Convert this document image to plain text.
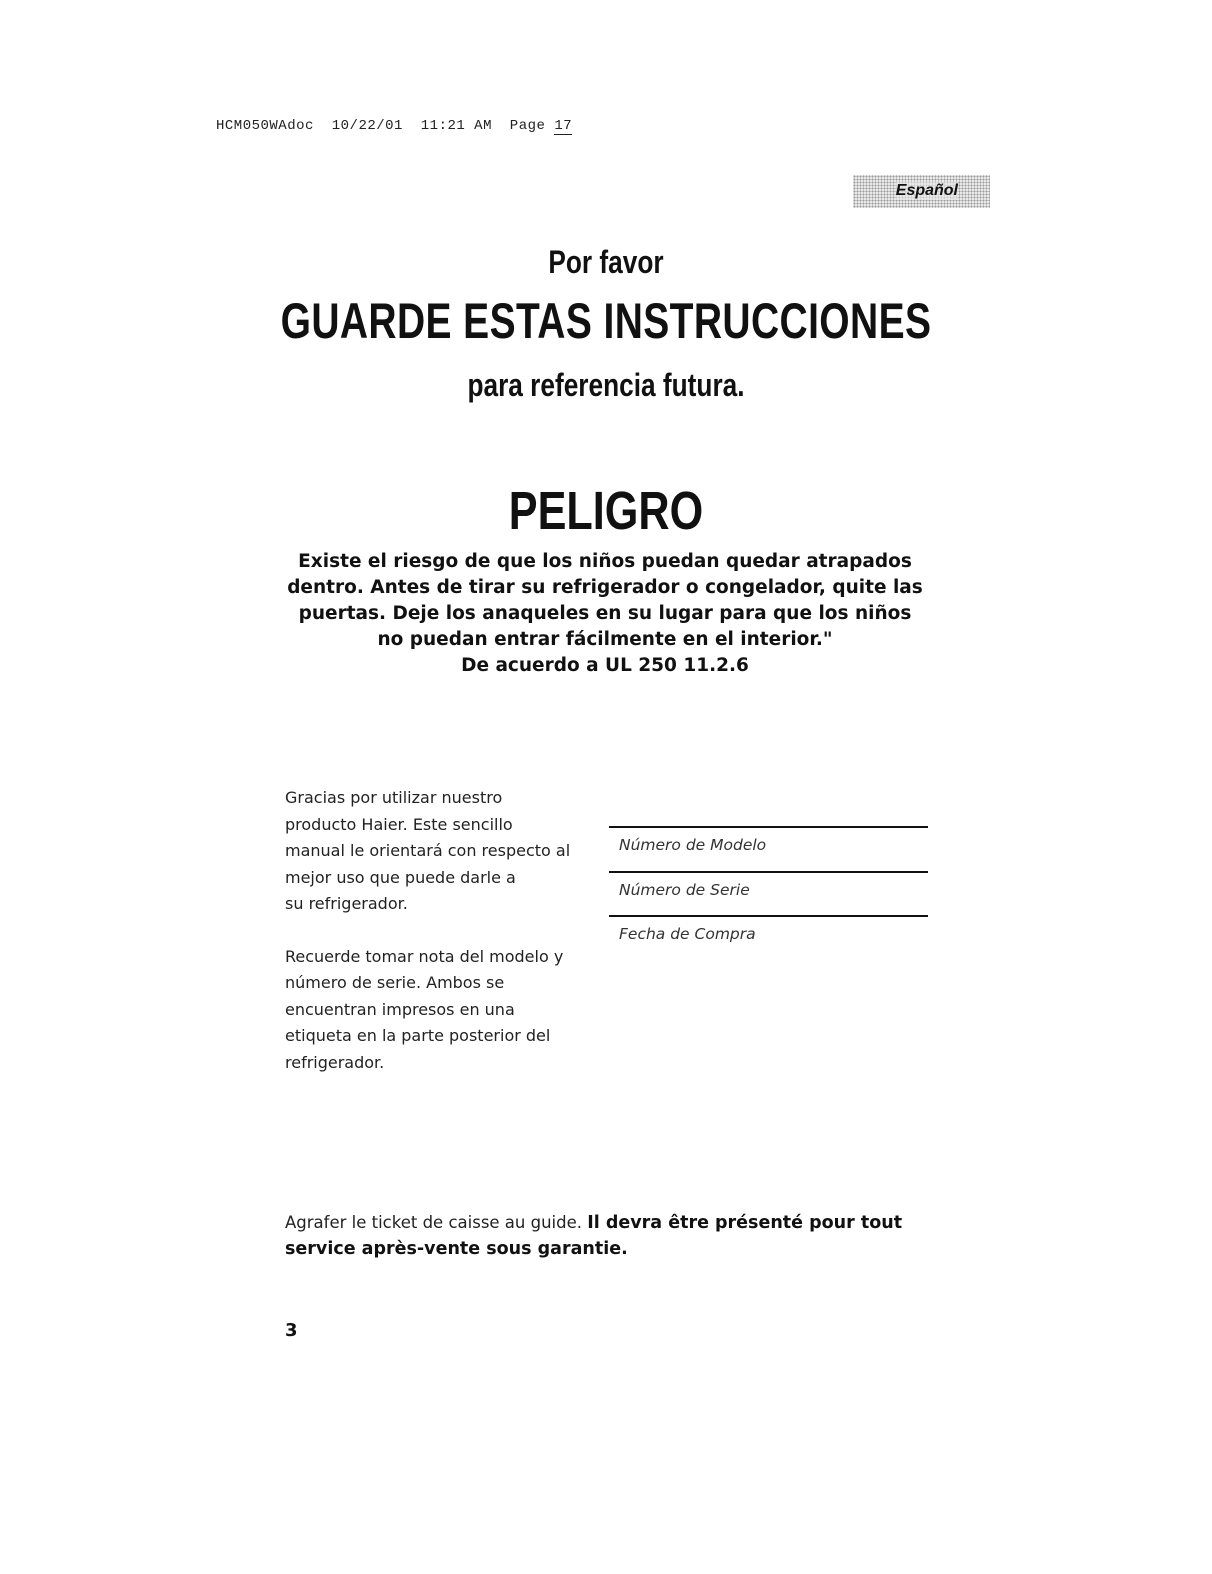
HCM050WAdoc 10/22/01 11:21 AM Page 17
Español
Por favor
GUARDE ESTAS INSTRUCCIONES
para referencia futura.
PELIGRO
Existe el riesgo de que los niños puedan quedar atrapados
dentro. Antes de tirar su refrigerador o congelador, quite las
puertas. Deje los anaqueles en su lugar para que los niños
no puedan entrar fácilmente en el interior."
De acuerdo a UL 250 11.2.6

Gracias por utilizar nuestro
producto Haier. Este sencillo
manual le orientará con respecto al
mejor uso que puede darle a
su refrigerador.

Recuerde tomar nota del modelo y
número de serie. Ambos se
encuentran impresos en una
etiqueta en la parte posterior del
refrigerador.

Número de Modelo
Número de Serie
Fecha de Compra
Agrafer le ticket de caisse au guide. Il devra être présenté pour tout service après-vente sous garantie.
3
